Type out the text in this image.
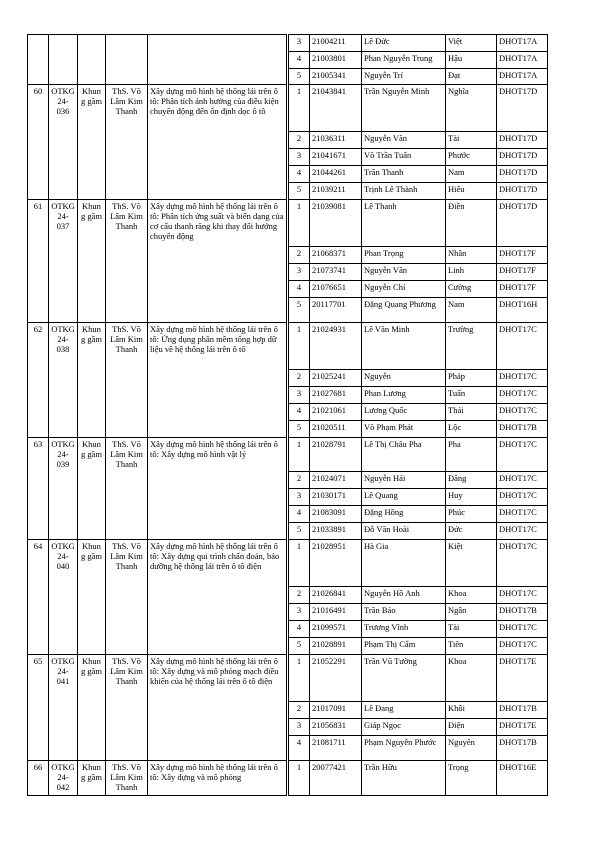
60	OTKG 24- 036	Khung gầm	ThS. Võ Lâm Kim Thanh	Xây dựng mô hình hệ thống lái trên ô tô: Phân tích ảnh hưởng của điều kiện chuyển động đến ổn định dọc ô tô
61	OTKG 24- 037	Khung gầm	ThS. Võ Lâm Kim Thanh	Xây dựng mô hình hệ thống lái trên ô tô: Phân tích ứng suất và biến dạng của cơ cấu thanh răng khi thay đổi hướng chuyển động
62	OTKG 24- 038	Khung gầm	ThS. Võ Lâm Kim Thanh	Xây dựng mô hình hệ thống lái trên ô tô: Ứng dụng phần mềm tổng hợp dữ liệu về hệ thống lái trên ô tô
63	OTKG 24- 039	Khung gầm	ThS. Võ Lâm Kim Thanh	Xây dựng mô hình hệ thống lái trên ô tô: Xây dựng mô hình vật lý
64	OTKG 24- 040	Khung gầm	ThS. Võ Lâm Kim Thanh	Xây dựng mô hình hệ thống lái trên ô tô: Xây dựng qui trình chẩn đoán, bảo dưỡng hệ thống lái trên ô tô điện
65	OTKG 24- 041	Khung gầm	ThS. Võ Lâm Kim Thanh	Xây dựng mô hình hệ thống lái trên ô tô: Xây dựng và mô phỏng mạch điều khiển của hệ thống lái trên ô tô điện
66	OTKG 24- 042	Khung gầm	ThS. Võ Lâm Kim Thanh	Xây dựng mô hình hệ thống lái trên ô tô: Xây dựng và mô phỏng
3	21004211	Lê Đức	Việt	DHOT17A
4	21003801	Phan Nguyễn Trung	Hậu	DHOT17A
5	21005341	Nguyễn Trí	Đạt	DHOT17A
1	21043841	Trần Nguyễn Minh	Nghĩa	DHOT17D
2	21036311	Nguyễn Văn	Tài	DHOT17D
3	21041671	Võ Trần Tuấn	Phước	DHOT17D
4	21044261	Trần Thanh	Nam	DHOT17D
5	21039211	Trịnh Lê Thành	Hiếu	DHOT17D
1	21039081	Lê Thanh	Điền	DHOT17D
2	21068371	Phan Trọng	Nhân	DHOT17F
3	21073741	Nguyễn Văn	Linh	DHOT17F
4	21076651	Nguyễn Chí	Cường	DHOT17F
5	20117701	Đặng Quang Phương	Nam	DHOT16H
1	21024931	Lê Văn Minh	Trường	DHOT17C
2	21025241	Nguyễn	Pháp	DHOT17C
3	21027681	Phan Lương	Tuấn	DHOT17C
4	21021061	Lương Quốc	Thái	DHOT17C
5	21020511	Võ Phạm Phát	Lộc	DHOT17B
1	21028791	Lê Thị Châu Pha	Pha	DHOT17C
2	21024071	Nguyễn Hải	Đăng	DHOT17C
3	21030171	Lê Quang	Huy	DHOT17C
4	21083091	Đặng Hồng	Phúc	DHOT17C
5	21033891	Đỗ Văn Hoài	Đức	DHOT17C
1	21028951	Hà Gia	Kiệt	DHOT17C
2	21026841	Nguyễn Hồ Anh	Khoa	DHOT17C
3	21016491	Trần Bảo	Ngân	DHOT17B
4	21099571	Trương Vĩnh	Tài	DHOT17C
5	21028891	Phạm Thị Cẩm	Tiên	DHOT17C
1	21052291	Trần Vũ Tường	Khoa	DHOT17E
2	21017091	Lê Đang	Khôi	DHOT17B
3	21056831	Giáp Ngọc	Điện	DHOT17E
4	21081711	Phạm Nguyễn Phước	Nguyên	DHOT17B
1	20077421	Trần Hữu	Trọng	DHOT16E
